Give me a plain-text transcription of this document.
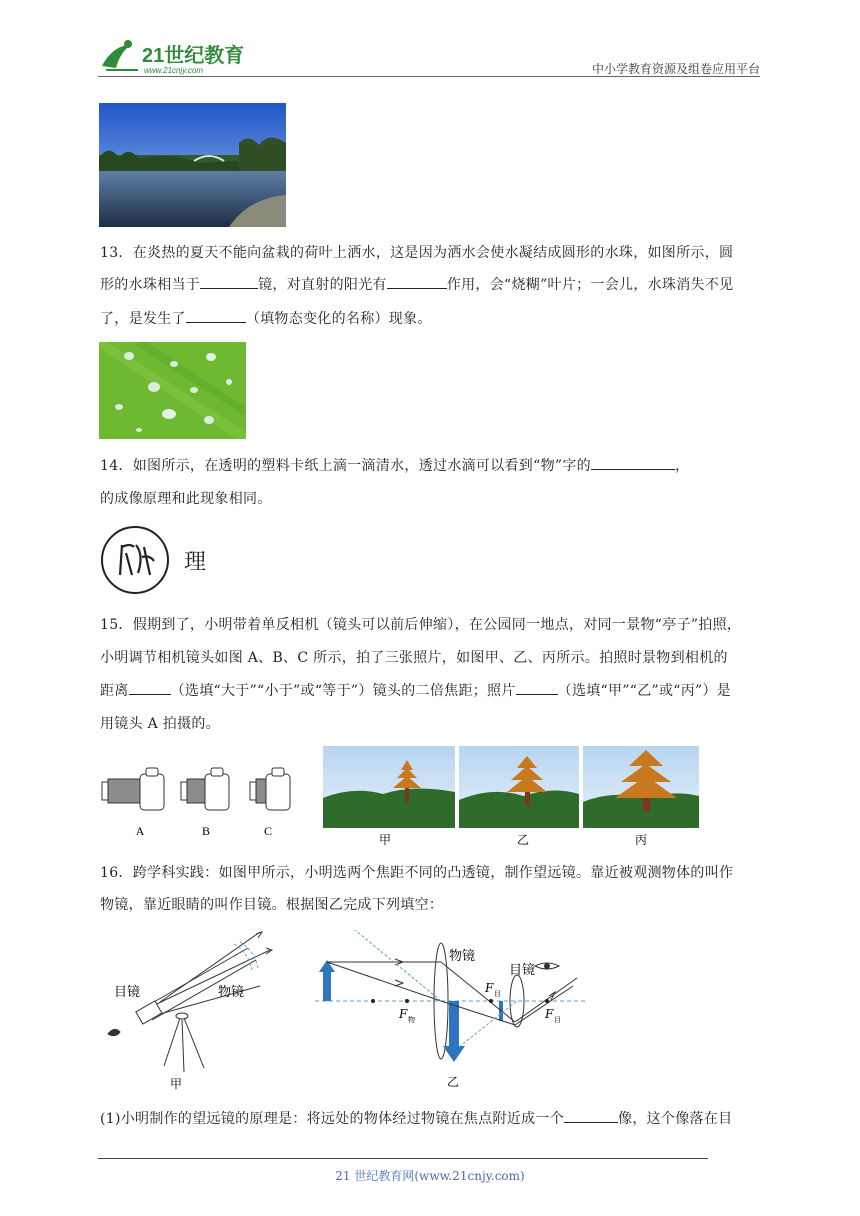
21世纪教育
www.21cnjy.com	中小学教育资源及组卷应用平台
13．在炎热的夏天不能向盆栽的荷叶上洒水，这是因为洒水会使水凝结成圆形的水珠，如图所示，圆
形的水珠相当于	镜，对直射的阳光有	作用，会“烧糊”叶片；一会儿，水珠消失不见
了，是发生了	（填物态变化的名称）现象。
14．如图所示，在透明的塑料卡纸上滴一滴清水，透过水滴可以看到“物”字的	，
的成像原理和此现象相同。
理
15．假期到了，小明带着单反相机（镜头可以前后伸缩），在公园同一地点，对同一景物“亭子”拍照，
小明调节相机镜头如图 A、B、C 所示，拍了三张照片，如图甲、乙、丙所示。拍照时景物到相机的
距离	（选填“大于”“小于”或“等于”）镜头的二倍焦距；照片	（选填“甲”“乙”或“丙”）是
用镜头 A 拍摄的。
A	B	C
甲	乙	丙
16．跨学科实践：如图甲所示，小明选两个焦距不同的凸透镜，制作望远镜。靠近被观测物体的叫作
物镜，靠近眼睛的叫作目镜。根据图乙完成下列填空：
目镜	物镜
甲
物镜
目镜
F 物
F 目
F 目
乙
(1)小明制作的望远镜的原理是：将远处的物体经过物镜在焦点附近成一个	像，这个像落在目
21 世纪教育网(www.21cnjy.com)
